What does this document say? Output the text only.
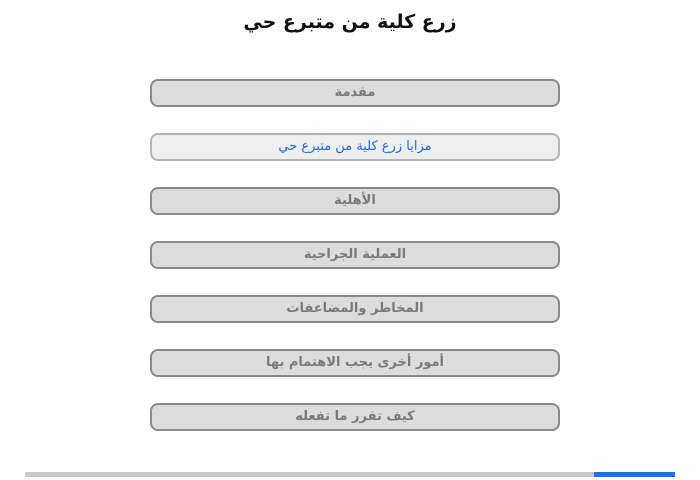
زرع كلية من متبرع حي
مقدمة
مزايا زرع كلية من متبرع حي
الأهلية
العملية الجراحية
المخاطر والمضاعفات
أمور أخرى يجب الاهتمام بها
كيف تقرر ما تفعله
